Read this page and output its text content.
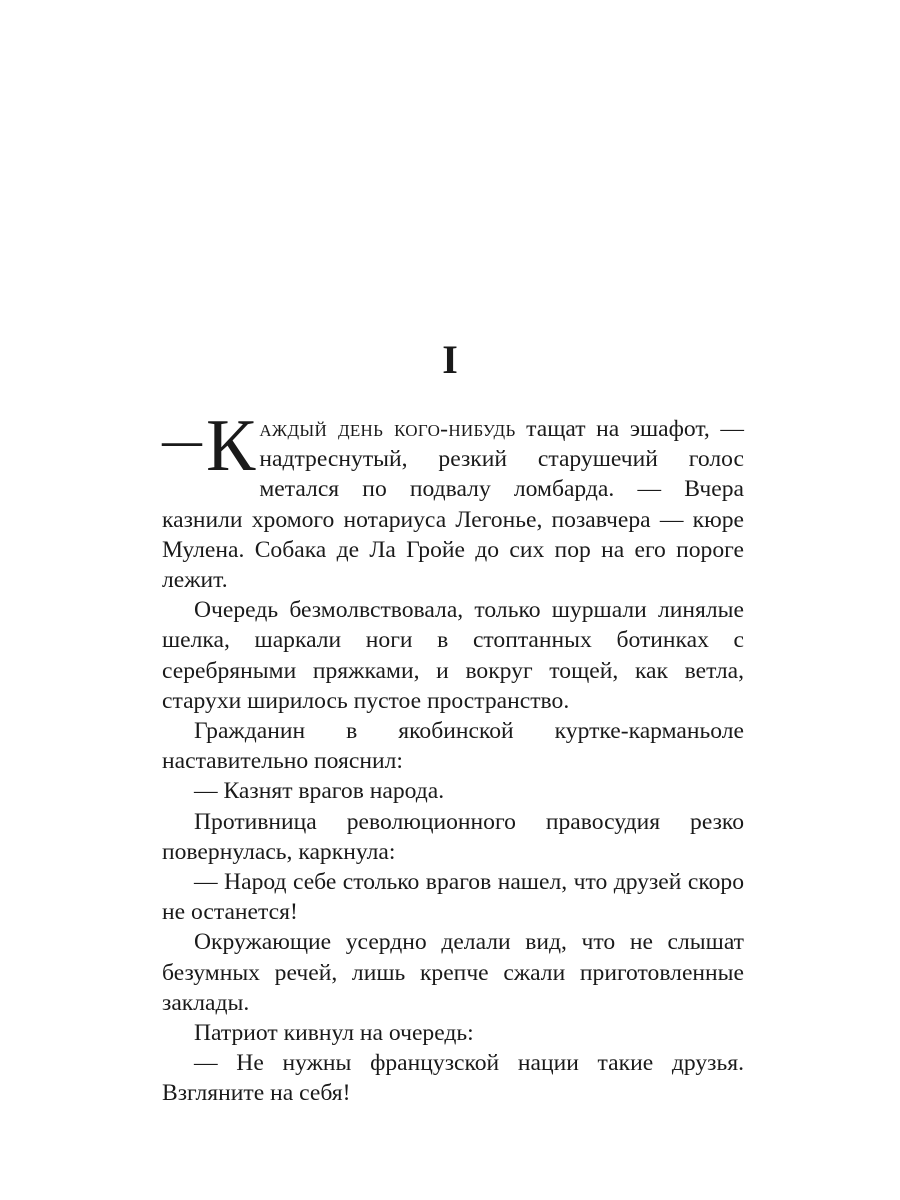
I

— К аждый день кого-нибудь тащат на эшафот, — надтреснутый, резкий старушечий голос метался по подвалу ломбарда. — Вчера казнили хромого нотариуса Легонье, позавчера — кюре Мулена. Собака де Ла Гройе до сих пор на его пороге лежит.

Очередь безмолвствовала, только шуршали линялые шелка, шаркали ноги в стоптанных ботинках с серебряными пряжками, и вокруг тощей, как ветла, старухи ширилось пустое пространство.

Гражданин в якобинской куртке-карманьоле наставительно пояснил:

— Казнят врагов народа.

Противница революционного правосудия резко повернулась, каркнула:

— Народ себе столько врагов нашел, что друзей скоро не останется!

Окружающие усердно делали вид, что не слышат безумных речей, лишь крепче сжали приготовленные заклады.

Патриот кивнул на очередь:

— Не нужны французской нации такие друзья. Взгляните на себя!
